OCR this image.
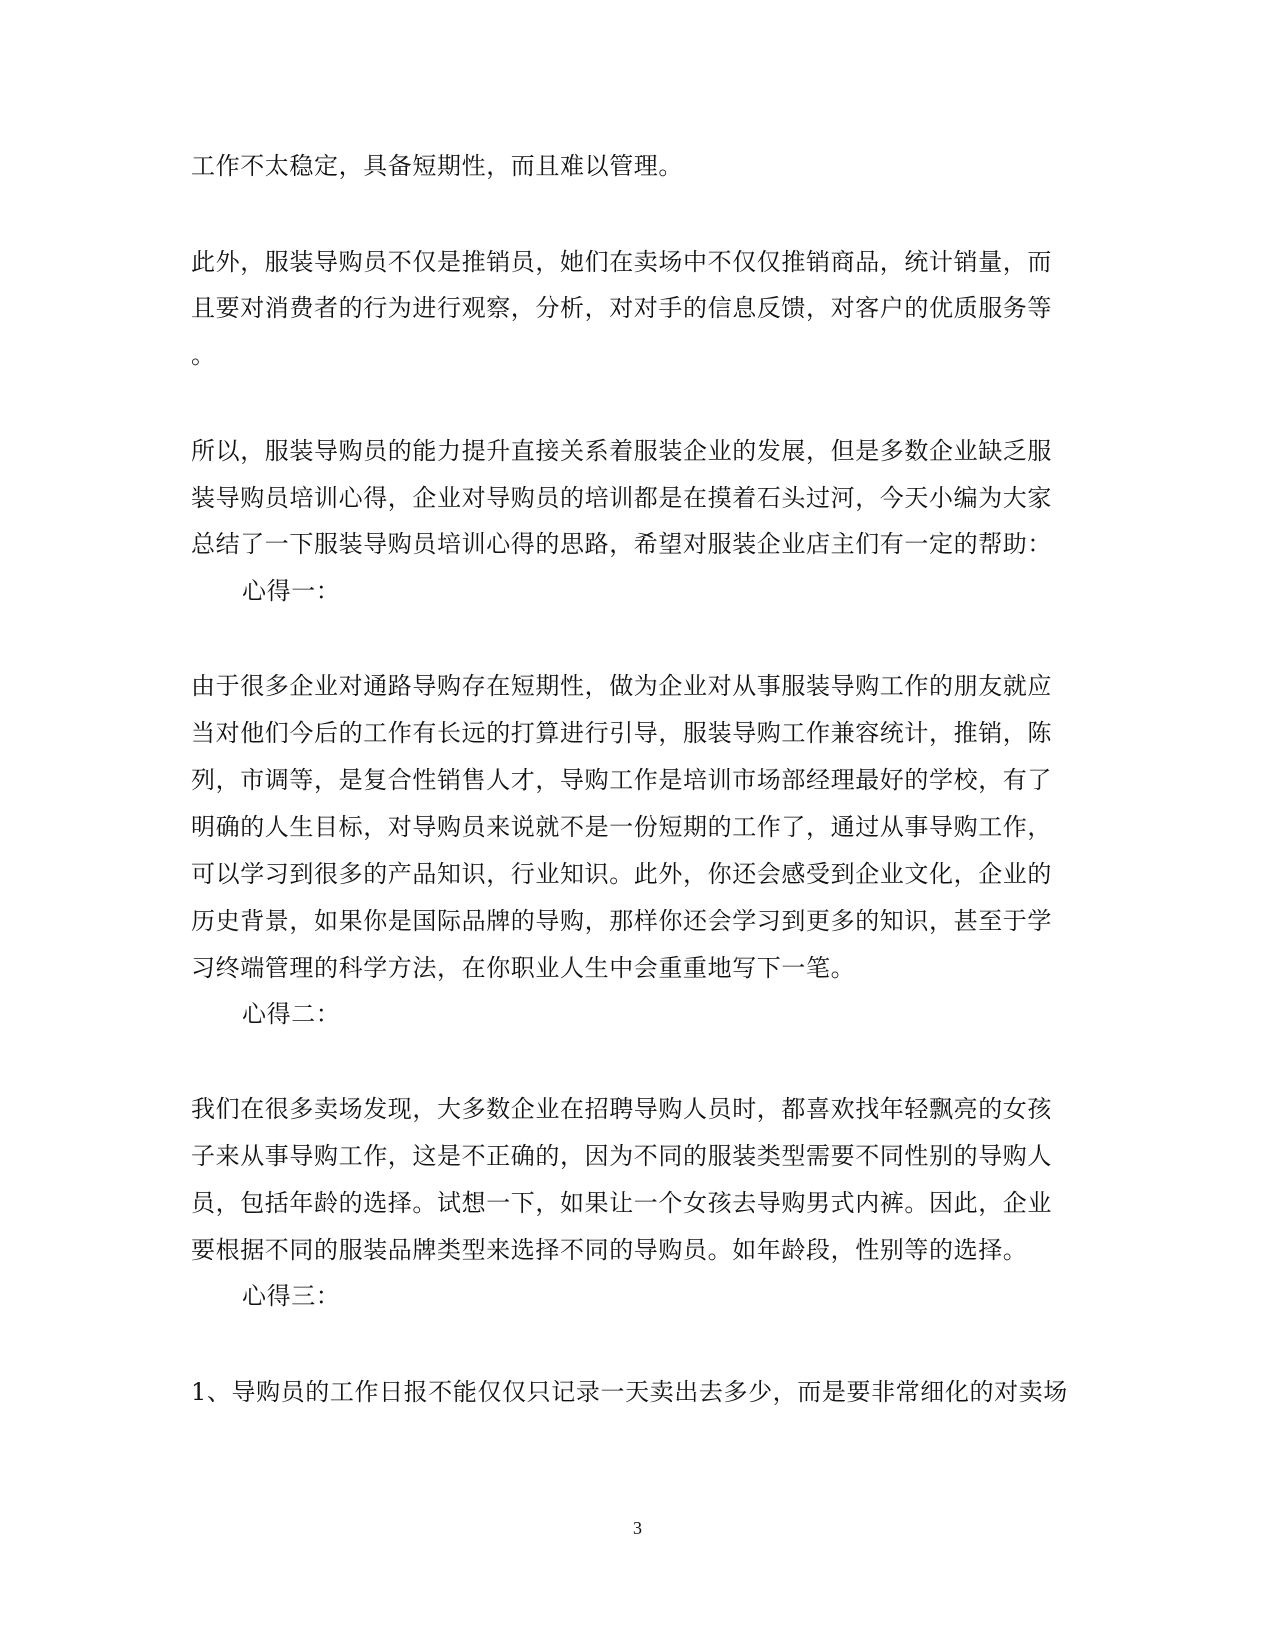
工作不太稳定，具备短期性，而且难以管理。
此外，服装导购员不仅是推销员，她们在卖场中不仅仅推销商品，统计销量，而
且要对消费者的行为进行观察，分析，对对手的信息反馈，对客户的优质服务等
。
所以，服装导购员的能力提升直接关系着服装企业的发展，但是多数企业缺乏服
装导购员培训心得，企业对导购员的培训都是在摸着石头过河，今天小编为大家
总结了一下服装导购员培训心得的思路，希望对服装企业店主们有一定的帮助：
心得一：
由于很多企业对通路导购存在短期性，做为企业对从事服装导购工作的朋友就应
当对他们今后的工作有长远的打算进行引导，服装导购工作兼容统计，推销，陈
列，市调等，是复合性销售人才，导购工作是培训市场部经理最好的学校，有了
明确的人生目标，对导购员来说就不是一份短期的工作了，通过从事导购工作，
可以学习到很多的产品知识，行业知识。此外，你还会感受到企业文化，企业的
历史背景，如果你是国际品牌的导购，那样你还会学习到更多的知识，甚至于学
习终端管理的科学方法，在你职业人生中会重重地写下一笔。
心得二：
我们在很多卖场发现，大多数企业在招聘导购人员时，都喜欢找年轻飘亮的女孩
子来从事导购工作，这是不正确的，因为不同的服装类型需要不同性别的导购人
员，包括年龄的选择。试想一下，如果让一个女孩去导购男式内裤。因此，企业
要根据不同的服装品牌类型来选择不同的导购员。如年龄段，性别等的选择。
心得三：
1、导购员的工作日报不能仅仅只记录一天卖出去多少，而是要非常细化的对卖场
3
